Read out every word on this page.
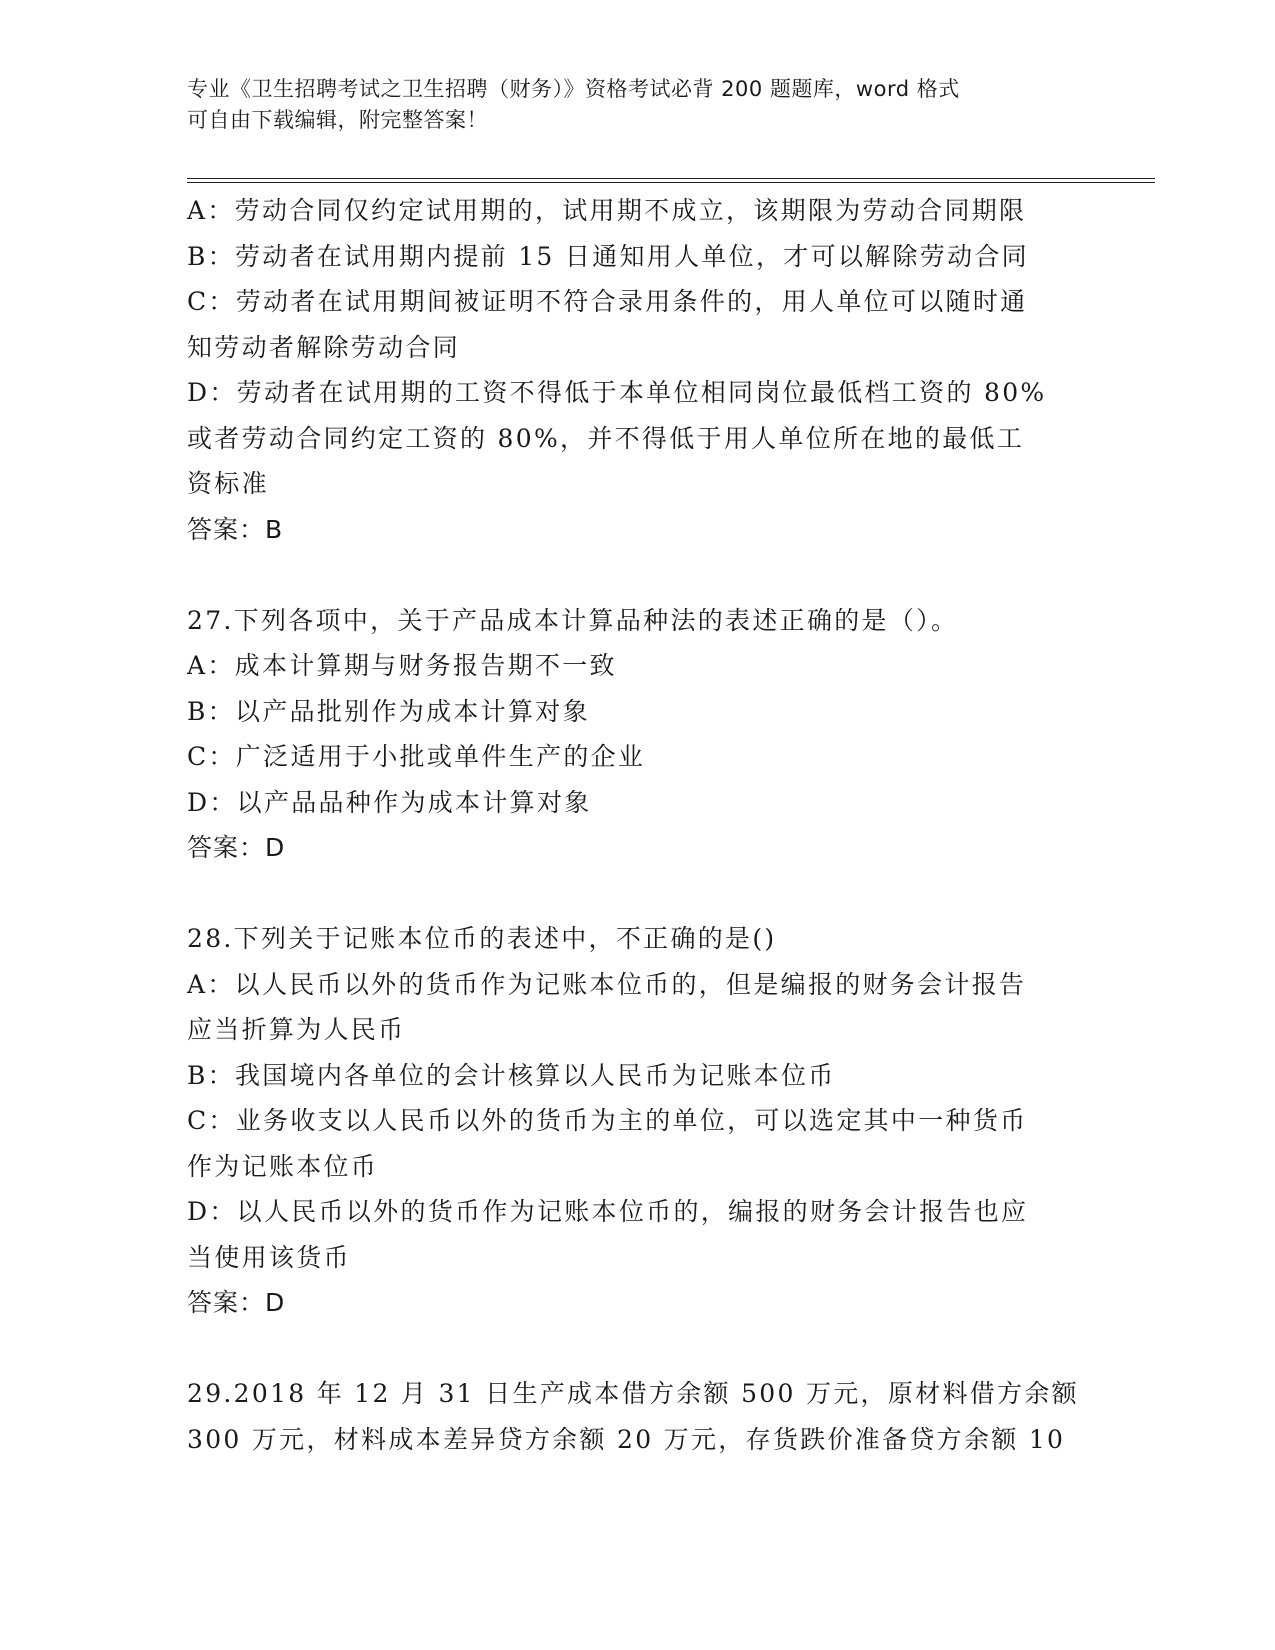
专业《卫生招聘考试之卫生招聘（财务）》资格考试必背 200 题题库，word 格式
可自由下载编辑，附完整答案！
A：劳动合同仅约定试用期的，试用期不成立，该期限为劳动合同期限
B：劳动者在试用期内提前 15 日通知用人单位，才可以解除劳动合同
C：劳动者在试用期间被证明不符合录用条件的，用人单位可以随时通
知劳动者解除劳动合同
D：劳动者在试用期的工资不得低于本单位相同岗位最低档工资的 80%
或者劳动合同约定工资的 80%，并不得低于用人单位所在地的最低工
资标准
答案：B
27.下列各项中，关于产品成本计算品种法的表述正确的是（）。
A：成本计算期与财务报告期不一致
B：以产品批别作为成本计算对象
C：广泛适用于小批或单件生产的企业
D：以产品品种作为成本计算对象
答案：D
28.下列关于记账本位币的表述中，不正确的是()
A：以人民币以外的货币作为记账本位币的，但是编报的财务会计报告
应当折算为人民币
B：我国境内各单位的会计核算以人民币为记账本位币
C：业务收支以人民币以外的货币为主的单位，可以选定其中一种货币
作为记账本位币
D：以人民币以外的货币作为记账本位币的，编报的财务会计报告也应
当使用该货币
答案：D
29.2018 年 12 月 31 日生产成本借方余额 500 万元，原材料借方余额
300 万元，材料成本差异贷方余额 20 万元，存货跌价准备贷方余额 10
